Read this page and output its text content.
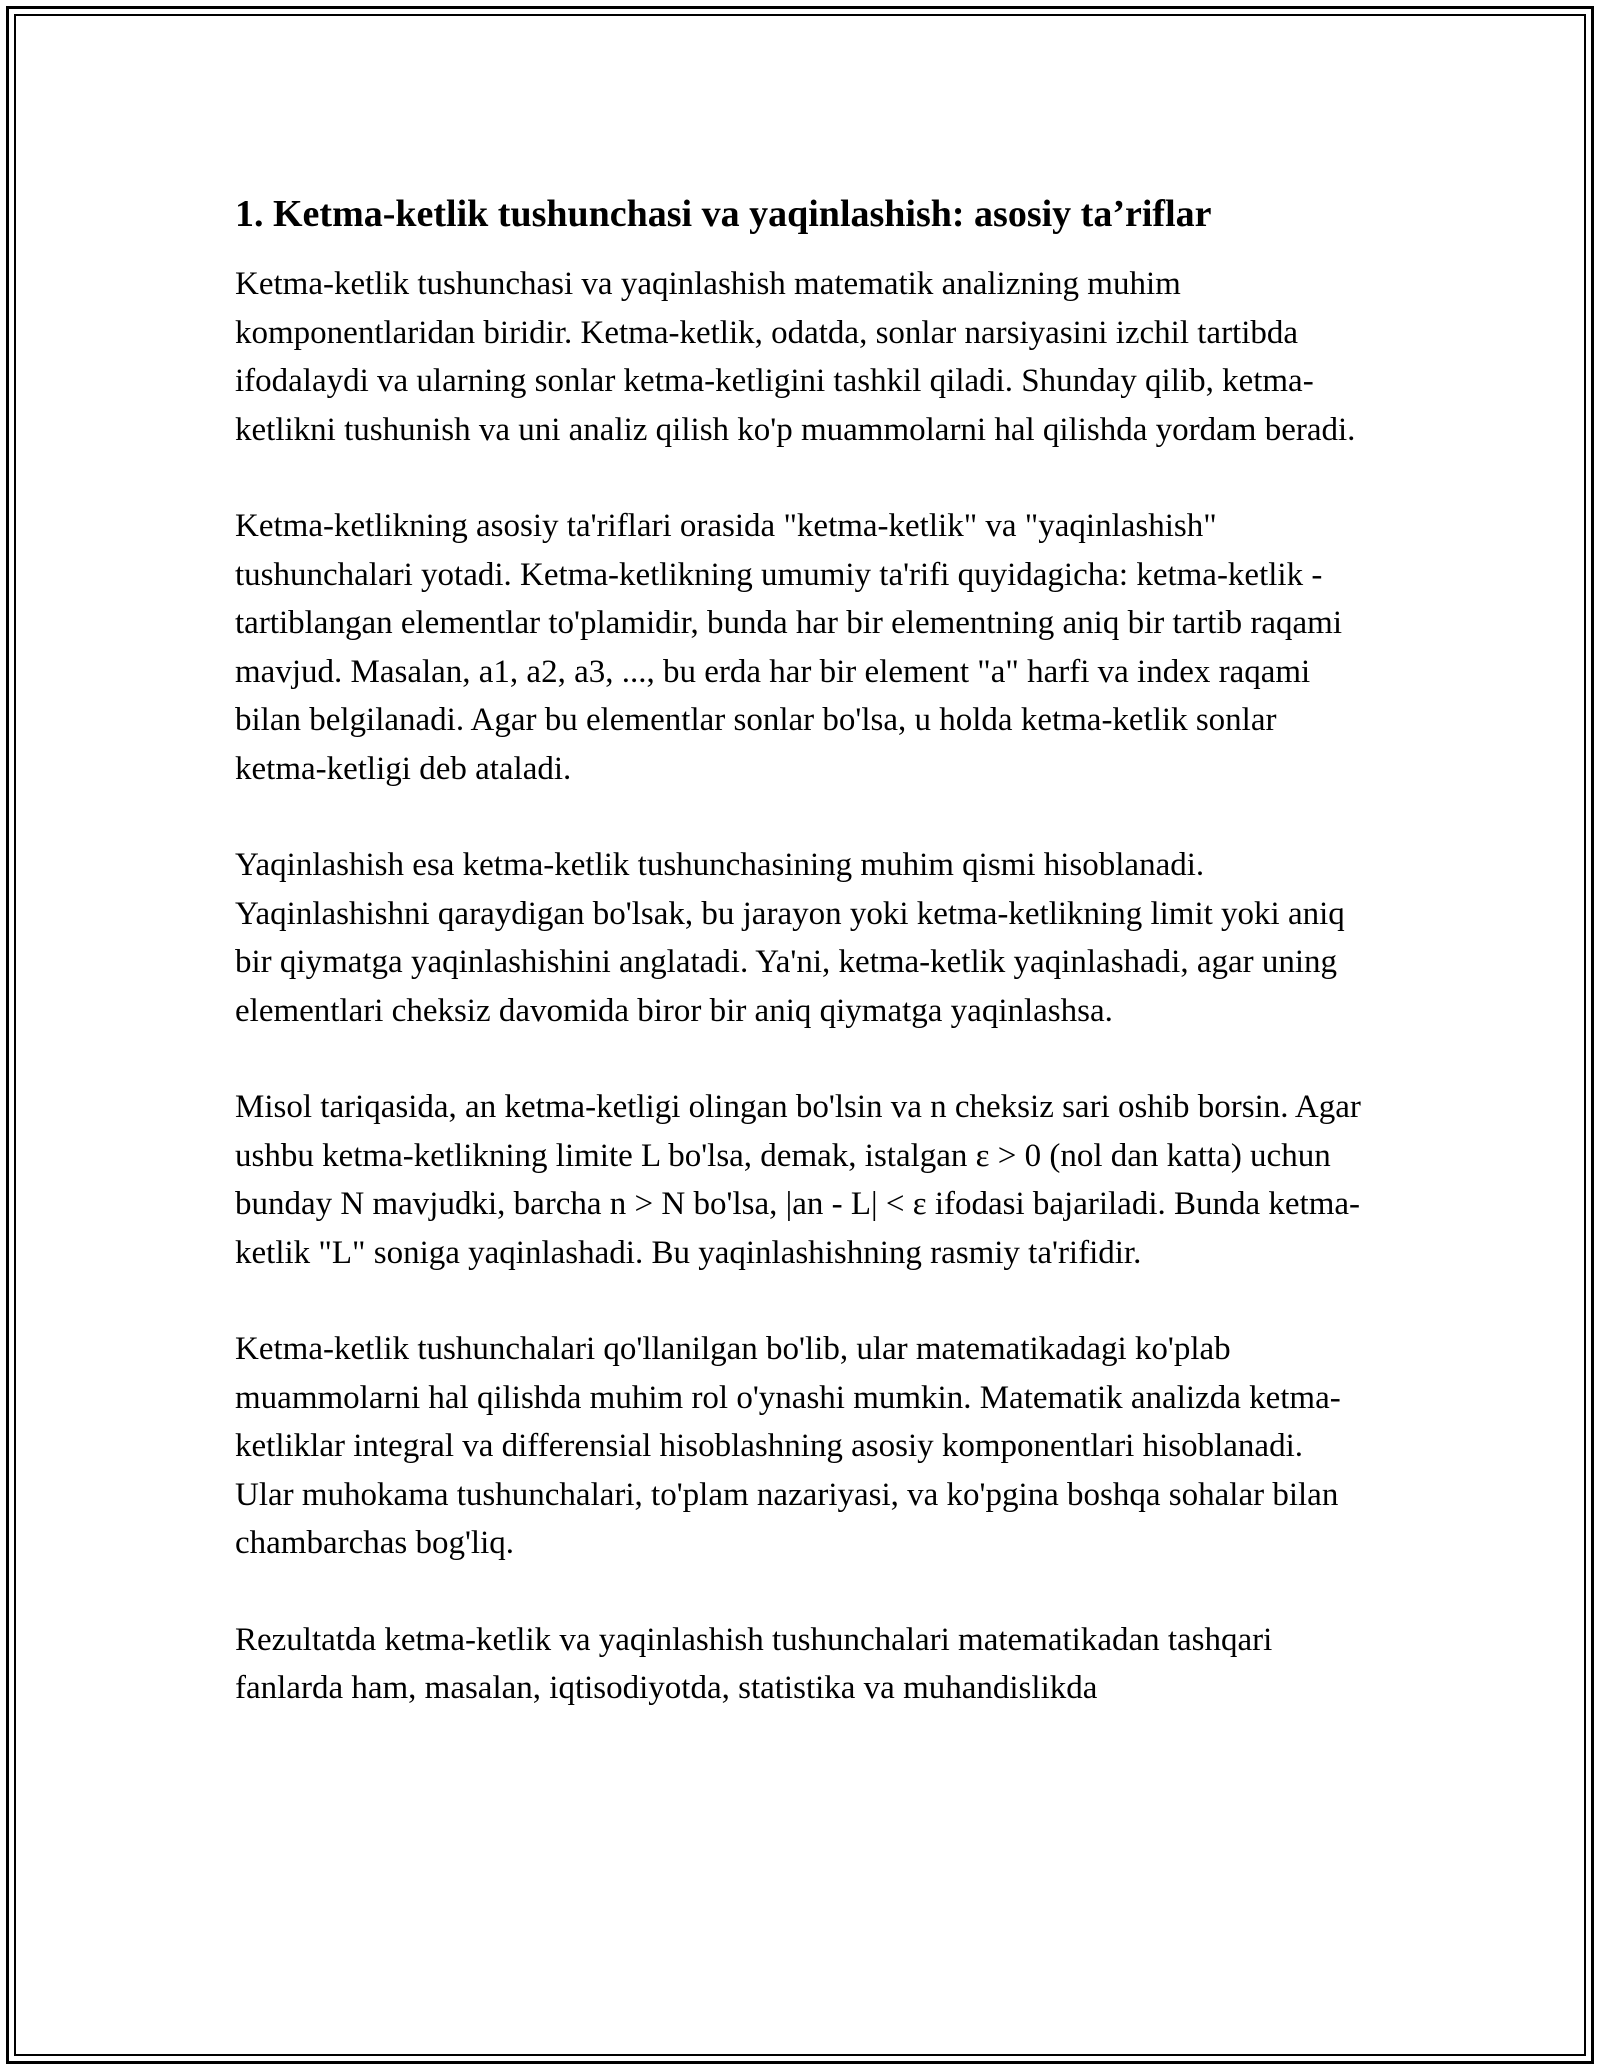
1. Ketma-ketlik tushunchasi va yaqinlashish: asosiy ta’riflar

Ketma-ketlik tushunchasi va yaqinlashish matematik analizning muhim komponentlaridan biridir. Ketma-ketlik, odatda, sonlar narsiyasini izchil tartibda ifodalaydi va ularning sonlar ketma-ketligini tashkil qiladi. Shunday qilib, ketma-ketlikni tushunish va uni analiz qilish ko'p muammolarni hal qilishda yordam beradi.

Ketma-ketlikning asosiy ta'riflari orasida "ketma-ketlik" va "yaqinlashish" tushunchalari yotadi. Ketma-ketlikning umumiy ta'rifi quyidagicha: ketma-ketlik - tartiblangan elementlar to'plamidir, bunda har bir elementning aniq bir tartib raqami mavjud. Masalan, a1, a2, a3, ..., bu erda har bir element "a" harfi va index raqami bilan belgilanadi. Agar bu elementlar sonlar bo'lsa, u holda ketma-ketlik sonlar ketma-ketligi deb ataladi.

Yaqinlashish esa ketma-ketlik tushunchasining muhim qismi hisoblanadi. Yaqinlashishni qaraydigan bo'lsak, bu jarayon yoki ketma-ketlikning limit yoki aniq bir qiymatga yaqinlashishini anglatadi. Ya'ni, ketma-ketlik yaqinlashadi, agar uning elementlari cheksiz davomida biror bir aniq qiymatga yaqinlashsa.

Misol tariqasida, an ketma-ketligi olingan bo'lsin va n cheksiz sari oshib borsin. Agar ushbu ketma-ketlikning limite L bo'lsa, demak, istalgan ε > 0 (nol dan katta) uchun bunday N mavjudki, barcha n > N bo'lsa, |an - L| < ε ifodasi bajariladi. Bunda ketma-ketlik "L" soniga yaqinlashadi. Bu yaqinlashishning rasmiy ta'rifidir.

Ketma-ketlik tushunchalari qo'llanilgan bo'lib, ular matematikadagi ko'plab muammolarni hal qilishda muhim rol o'ynashi mumkin. Matematik analizda ketma-ketliklar integral va differensial hisoblashning asosiy komponentlari hisoblanadi. Ular muhokama tushunchalari, to'plam nazariyasi, va ko'pgina boshqa sohalar bilan chambarchas bog'liq.

Rezultatda ketma-ketlik va yaqinlashish tushunchalari matematikadan tashqari fanlarda ham, masalan, iqtisodiyotda, statistika va muhandislikda
